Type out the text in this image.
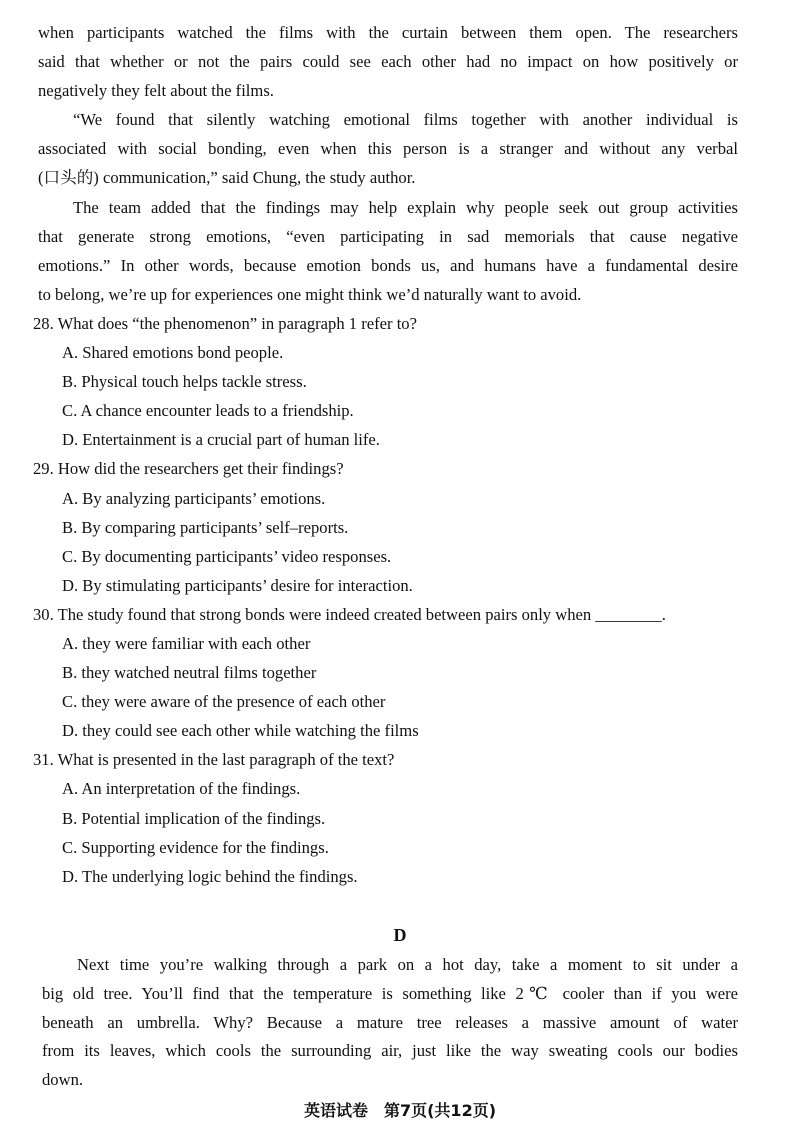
when participants watched the films with the curtain between them open. The researchers
said that whether or not the pairs could see each other had no impact on how positively or
negatively they felt about the films.
“We found that silently watching emotional films together with another individual is
associated with social bonding, even when this person is a stranger and without any verbal
(口头的) communication,” said Chung, the study author.
The team added that the findings may help explain why people seek out group activities
that generate strong emotions, “even participating in sad memorials that cause negative
emotions.” In other words, because emotion bonds us, and humans have a fundamental desire
to belong, we’re up for experiences one might think we’d naturally want to avoid.
28. What does “the phenomenon” in paragraph 1 refer to?
A. Shared emotions bond people.
B. Physical touch helps tackle stress.
C. A chance encounter leads to a friendship.
D. Entertainment is a crucial part of human life.
29. How did the researchers get their findings?
A. By analyzing participants’ emotions.
B. By comparing participants’ self–reports.
C. By documenting participants’ video responses.
D. By stimulating participants’ desire for interaction.
30. The study found that strong bonds were indeed created between pairs only when ________.
A. they were familiar with each other
B. they watched neutral films together
C. they were aware of the presence of each other
D. they could see each other while watching the films
31. What is presented in the last paragraph of the text?
A. An interpretation of the findings.
B. Potential implication of the findings.
C. Supporting evidence for the findings.
D. The underlying logic behind the findings.
D
Next time you’re walking through a park on a hot day, take a moment to sit under a
big old tree. You’ll find that the temperature is something like 2℃ cooler than if you were
beneath an umbrella. Why? Because a mature tree releases a massive amount of water
from its leaves, which cools the surrounding air, just like the way sweating cools our bodies
down.
英语试卷　第7页(共12页)
